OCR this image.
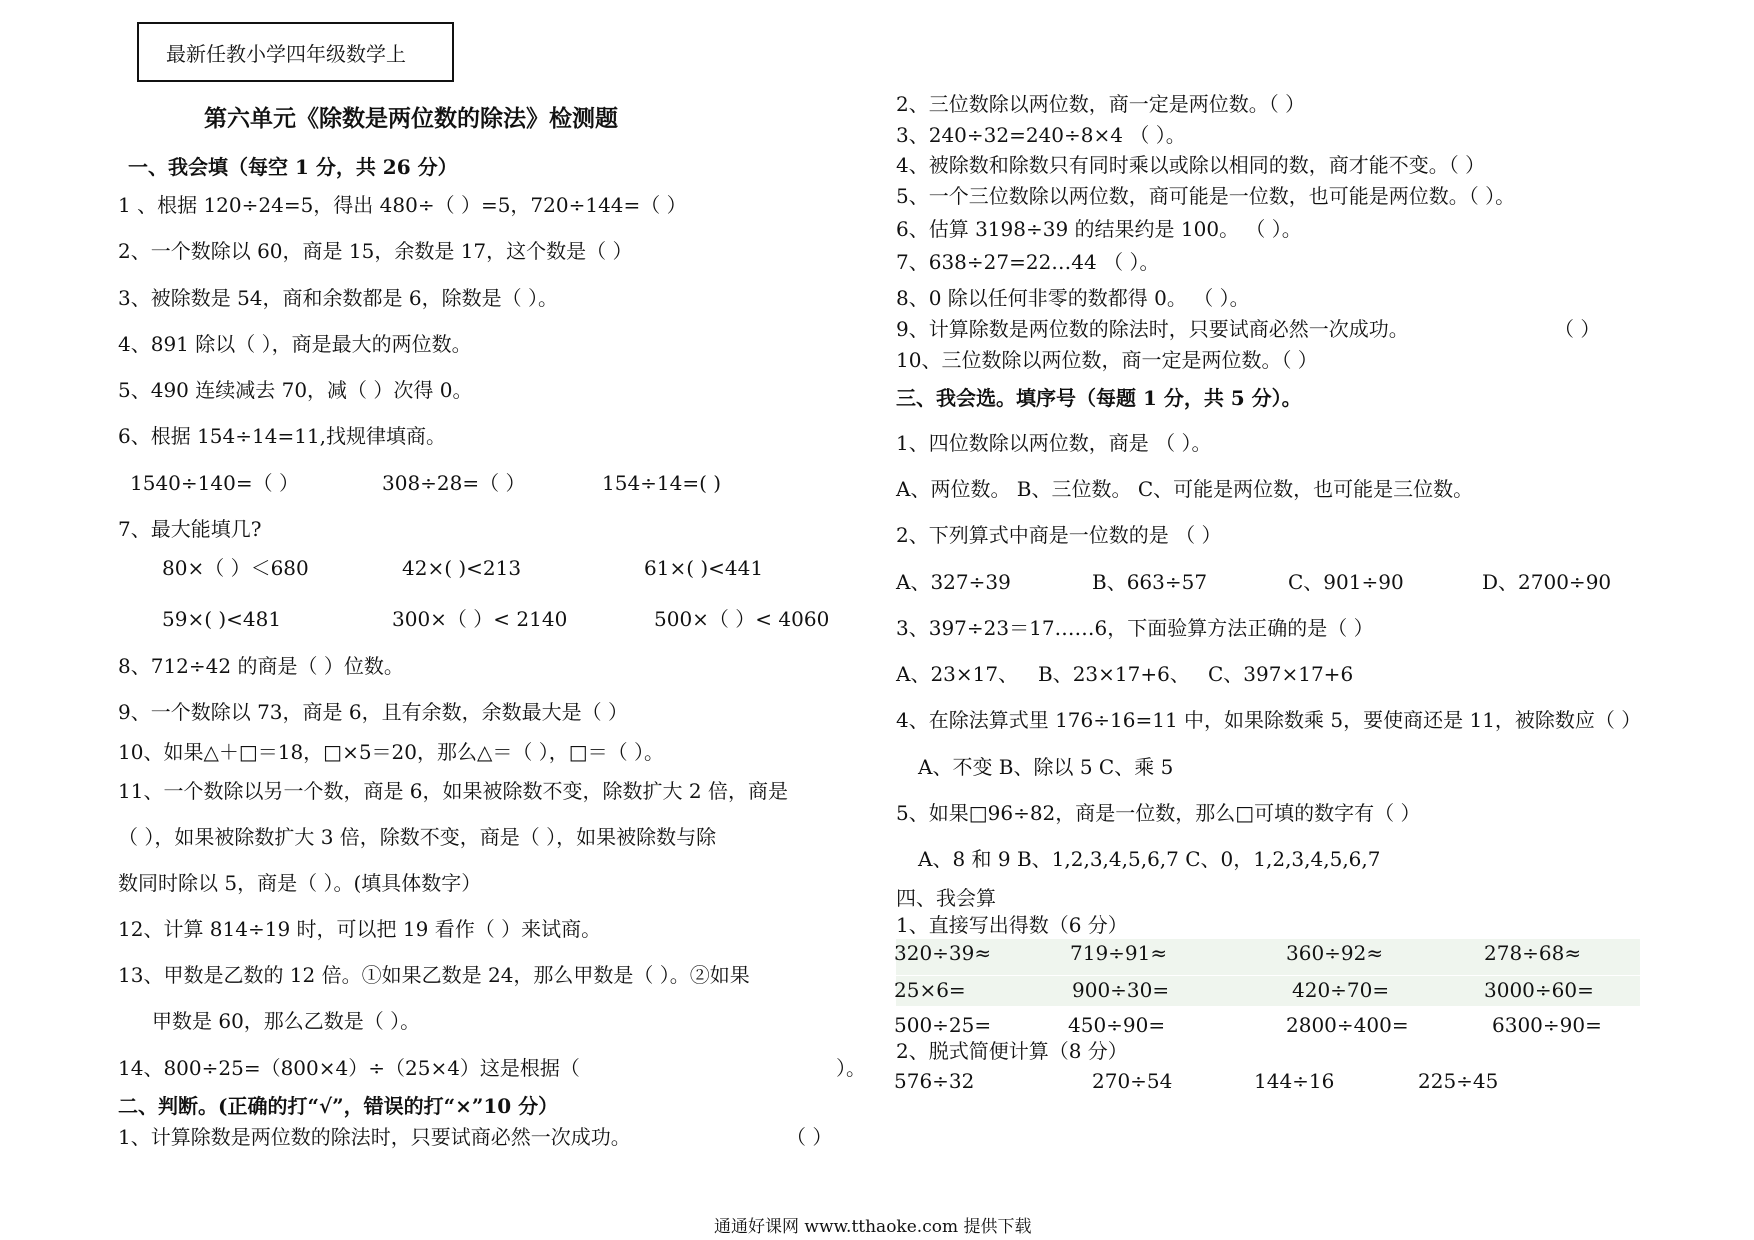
最新任教小学四年级数学上
第六单元《除数是两位数的除法》检测题
一、我会填（每空 1 分，共 26 分）
1 、根据 120÷24=5，得出 480÷（ ）=5，720÷144=（ ）
2、一个数除以 60，商是 15，余数是 17，这个数是（ ）
3、被除数是 54，商和余数都是 6，除数是（ ）。
4、891 除以（ ），商是最大的两位数。
5、490 连续减去 70，减（ ）次得 0。
6、根据 154÷14=11,找规律填商。
1540÷140=（ ）	308÷28=（ ）	154÷14=( )
7、最大能填几?
80×（ ）＜680	42×( )<213	61×( )<441
59×( )<481	300×（ ）< 2140	500×（ ）< 4060
8、712÷42 的商是（ ）位数。
9、一个数除以 73，商是 6，且有余数，余数最大是（ ）
10、如果△＋□＝18，□×5＝20，那么△＝（ ），□＝（ ）。
11、一个数除以另一个数，商是 6，如果被除数不变，除数扩大 2 倍，商是
（ ），如果被除数扩大 3 倍，除数不变，商是（ ），如果被除数与除
数同时除以 5，商是（ ）。(填具体数字）
12、计算 814÷19 时，可以把 19 看作（ ）来试商。
13、甲数是乙数的 12 倍。①如果乙数是 24，那么甲数是（ ）。②如果
甲数是 60，那么乙数是（ ）。
14、800÷25=（800×4）÷（25×4）这是根据（	）。
二、判断。(正确的打“√”，错误的打“×”10 分）
1、计算除数是两位数的除法时，只要试商必然一次成功。	（ ）
2、三位数除以两位数，商一定是两位数。（ ）
3、240÷32=240÷8×4 （ ）。
4、被除数和除数只有同时乘以或除以相同的数，商才能不变。（ ）
5、一个三位数除以两位数，商可能是一位数，也可能是两位数。（ ）。
6、估算 3198÷39 的结果约是 100。 （ ）。
7、638÷27=22…44 （ ）。
8、0 除以任何非零的数都得 0。 （ ）。
9、计算除数是两位数的除法时，只要试商必然一次成功。	（ ）
10、三位数除以两位数，商一定是两位数。（ ）
三、我会选。填序号（每题 1 分，共 5 分）。
1、四位数除以两位数，商是 （ ）。
A、两位数。 B、三位数。 C、可能是两位数，也可能是三位数。
2、下列算式中商是一位数的是 （ ）
A、327÷39	B、663÷57	C、901÷90	D、2700÷90
3、397÷23＝17……6，下面验算方法正确的是（ ）
A、23×17、 B、23×17+6、 C、397×17+6
4、在除法算式里 176÷16=11 中，如果除数乘 5，要使商还是 11，被除数应（ ）
A、不变 B、除以 5 C、乘 5
5、如果□96÷82，商是一位数，那么□可填的数字有（ ）
A、8 和 9 B、1,2,3,4,5,6,7 C、0，1,2,3,4,5,6,7
四、我会算
1、直接写出得数（6 分）
320÷39≈	719÷91≈	360÷92≈	278÷68≈
25×6=	900÷30=	420÷70=	3000÷60=
500÷25=	450÷90=	2800÷400=	6300÷90=
2、脱式简便计算（8 分）
576÷32	270÷54	144÷16	225÷45
通通好课网 www.tthaoke.com 提供下载
